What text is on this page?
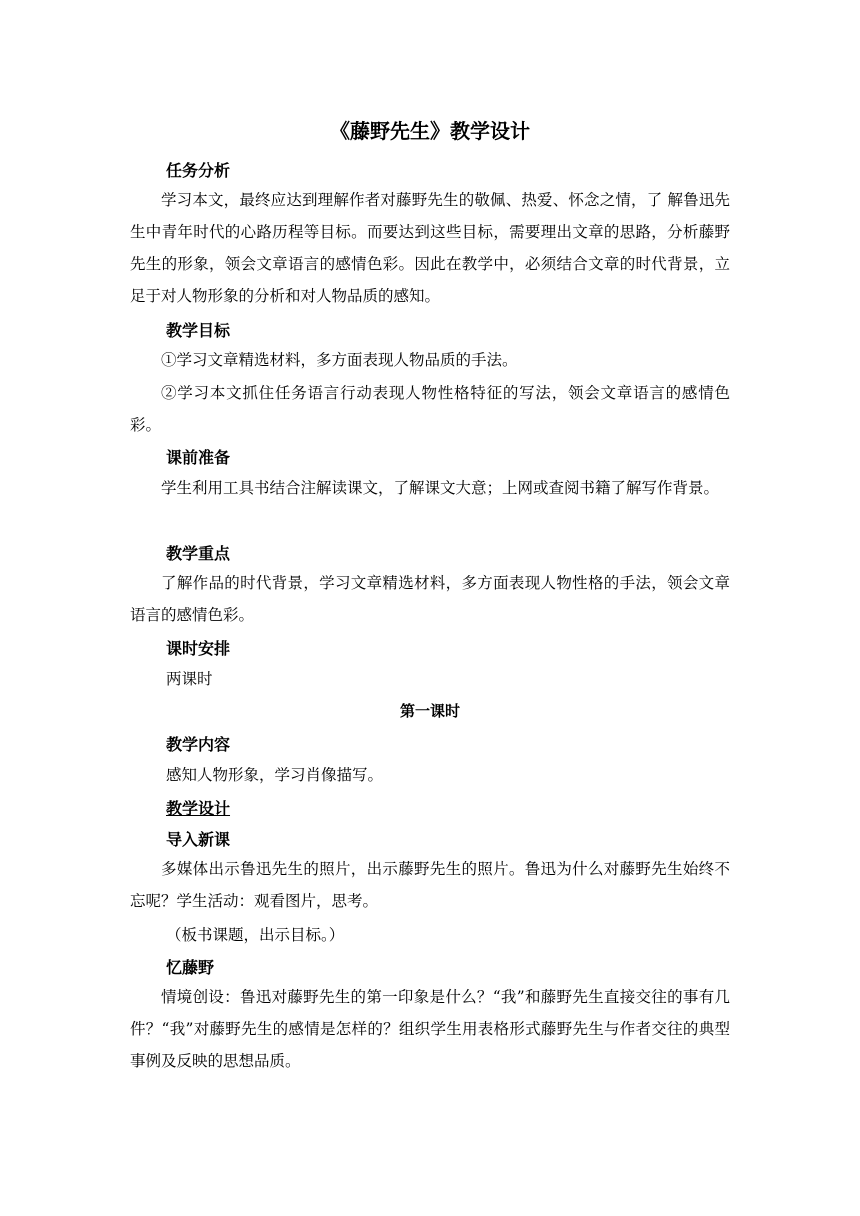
《藤野先生》教学设计
任务分析
学习本文，最终应达到理解作者对藤野先生的敬佩、热爱、怀念之情，了 解鲁迅先生中青年时代的心路历程等目标。而要达到这些目标，需要理出文章的思路，分析藤野先生的形象，领会文章语言的感情色彩。因此在教学中，必须结合文章的时代背景，立足于对人物形象的分析和对人物品质的感知。
教学目标
①学习文章精选材料，多方面表现人物品质的手法。
②学习本文抓住任务语言行动表现人物性格特征的写法，领会文章语言的感情色彩。
课前准备
学生利用工具书结合注解读课文，了解课文大意；上网或查阅书籍了解写作背景。
教学重点
了解作品的时代背景，学习文章精选材料，多方面表现人物性格的手法，领会文章语言的感情色彩。
课时安排
两课时
第一课时
教学内容
感知人物形象，学习肖像描写。
教学设计
导入新课
多媒体出示鲁迅先生的照片，出示藤野先生的照片。鲁迅为什么对藤野先生始终不忘呢？学生活动：观看图片，思考。
（板书课题，出示目标。）
忆藤野
情境创设：鲁迅对藤野先生的第一印象是什么？“我”和藤野先生直接交往的事有几件？“我”对藤野先生的感情是怎样的？组织学生用表格形式藤野先生与作者交往的典型事例及反映的思想品质。
